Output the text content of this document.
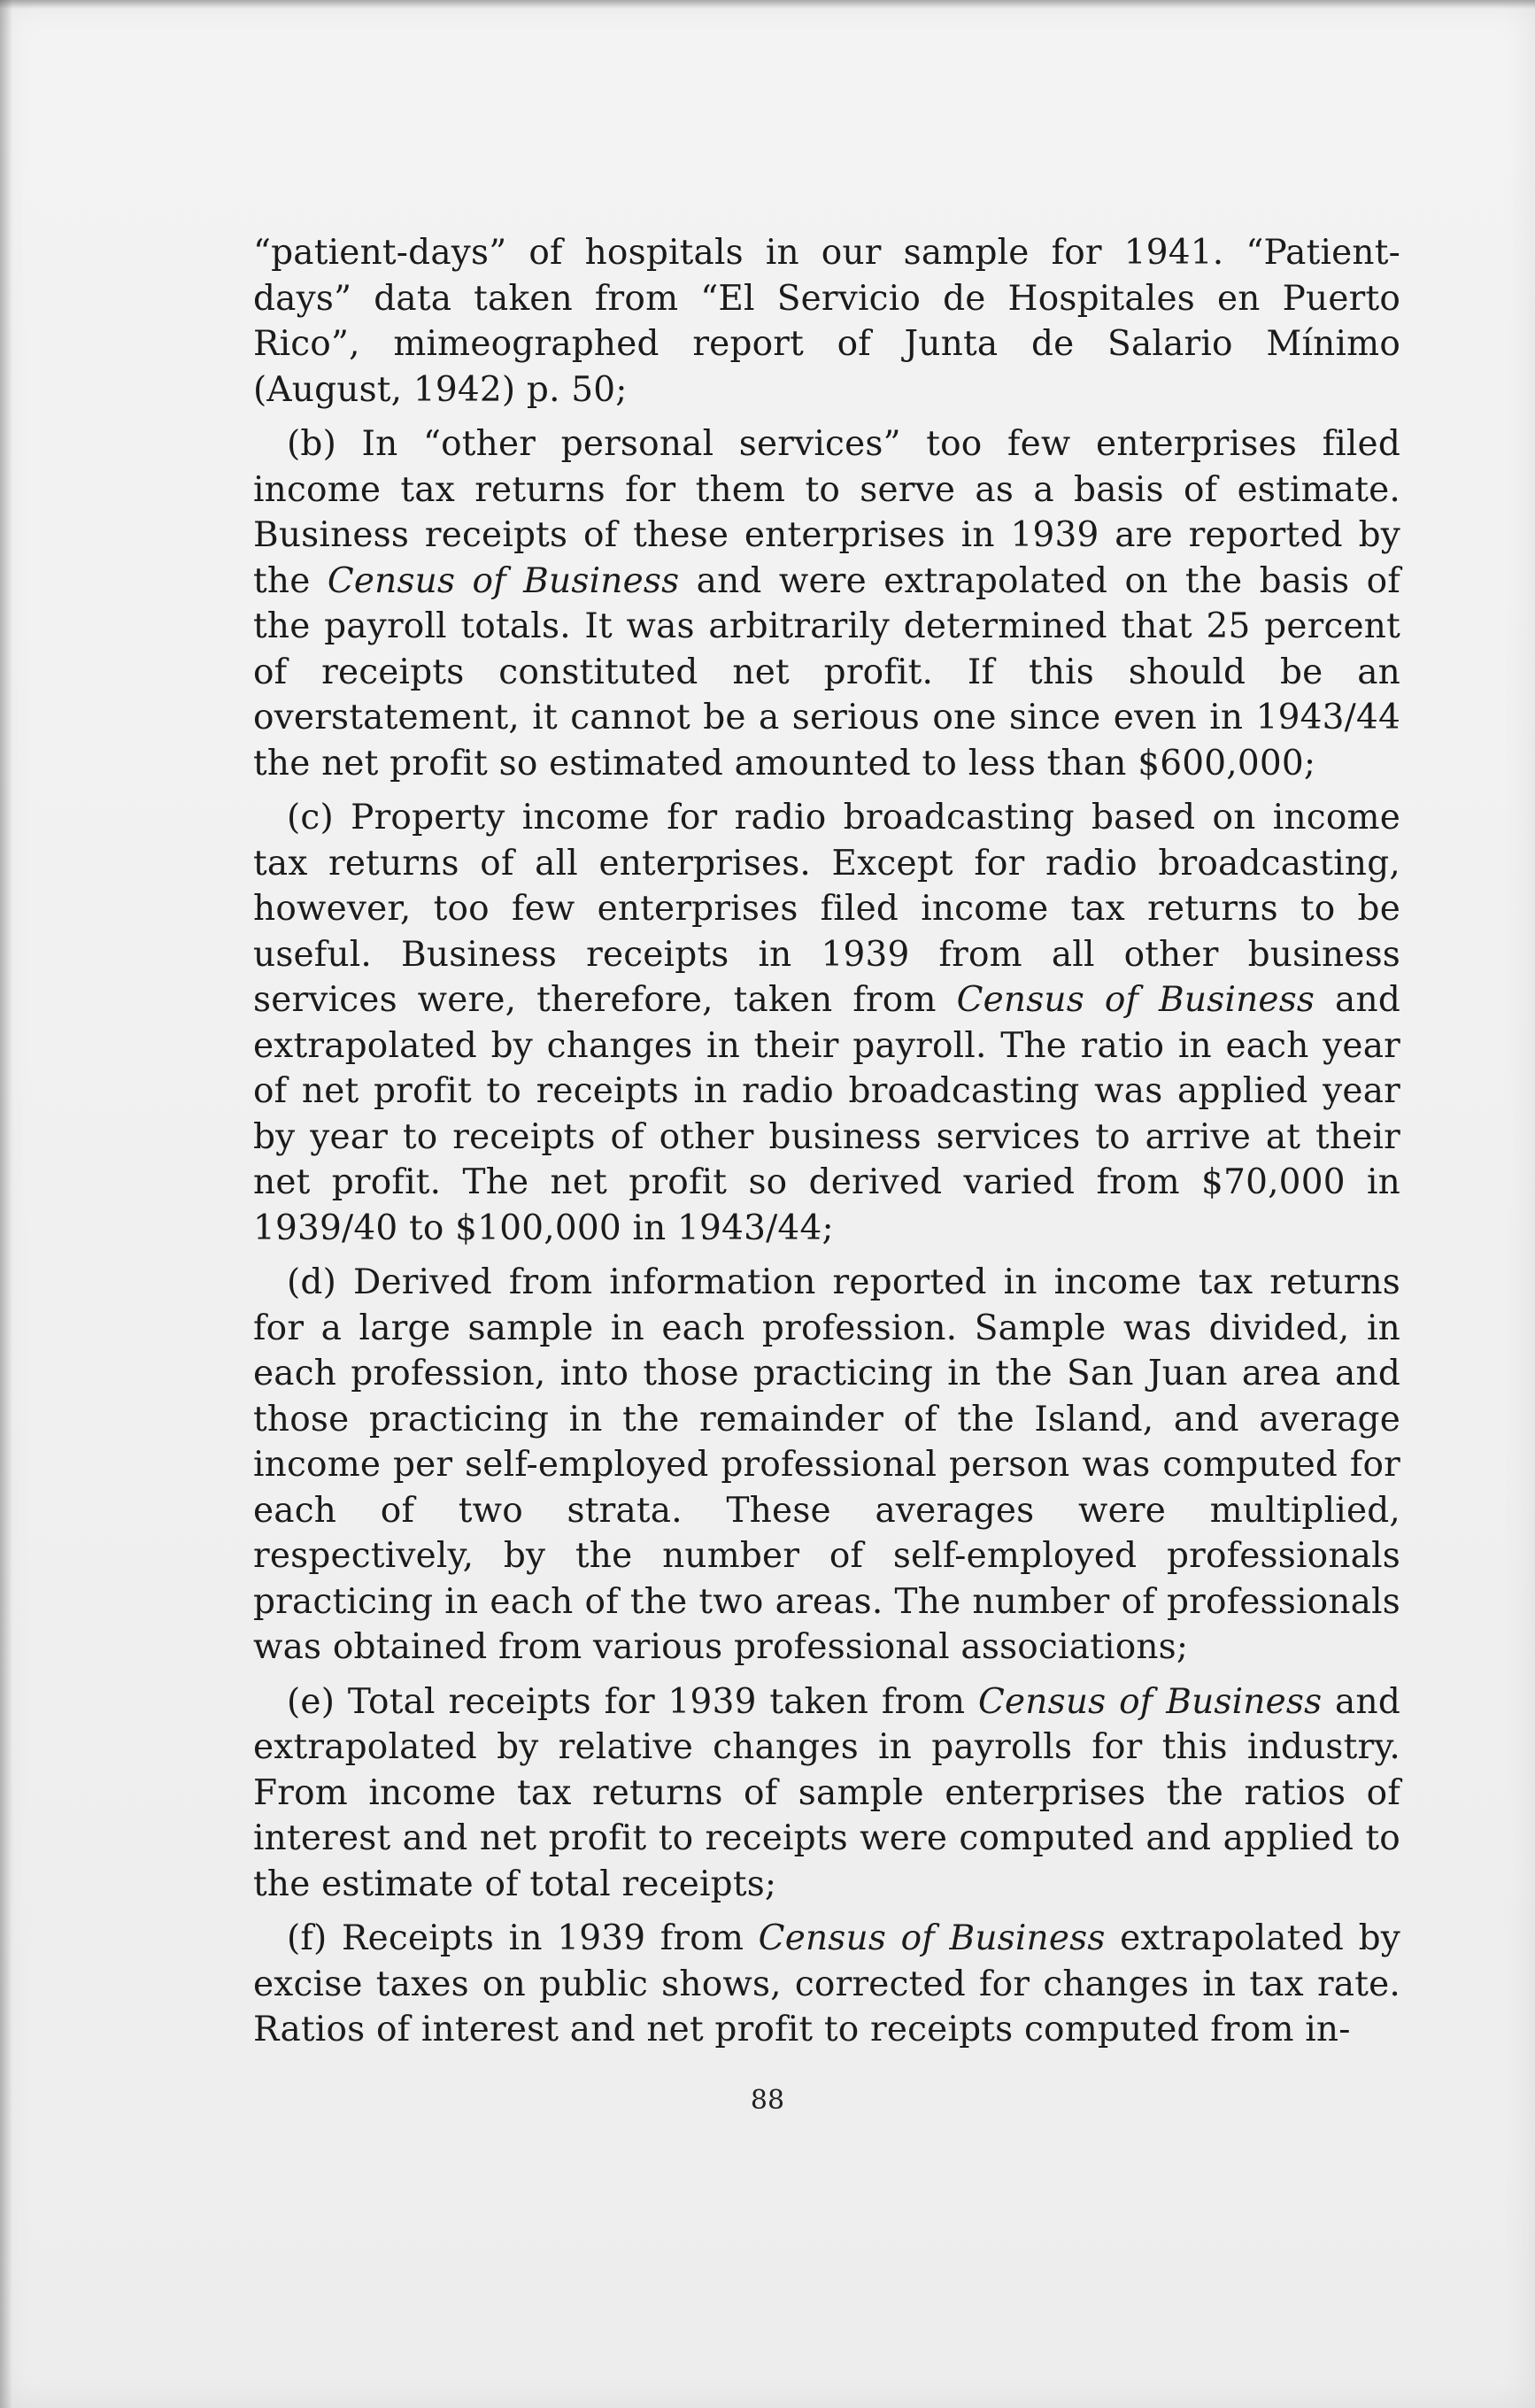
“patient-days” of hospitals in our sample for 1941. “Patient-days” data taken from “El Servicio de Hospitales en Puerto Rico”, mimeographed report of Junta de Salario Mínimo (August, 1942) p. 50;

(b) In “other personal services” too few enterprises filed income tax returns for them to serve as a basis of estimate. Business receipts of these enterprises in 1939 are reported by the Census of Business and were extrapolated on the basis of the payroll totals. It was arbitrarily determined that 25 percent of receipts constituted net profit. If this should be an overstatement, it cannot be a serious one since even in 1943/44 the net profit so estimated amounted to less than $600,000;

(c) Property income for radio broadcasting based on income tax returns of all enterprises. Except for radio broadcasting, however, too few enterprises filed income tax returns to be useful. Business receipts in 1939 from all other business services were, therefore, taken from Census of Business and extrapolated by changes in their payroll. The ratio in each year of net profit to receipts in radio broadcasting was applied year by year to receipts of other business services to arrive at their net profit. The net profit so derived varied from $70,000 in 1939/40 to $100,000 in 1943/44;

(d) Derived from information reported in income tax returns for a large sample in each profession. Sample was divided, in each profession, into those practicing in the San Juan area and those practicing in the remainder of the Island, and average income per self-employed professional person was computed for each of two strata. These averages were multiplied, respectively, by the number of self-employed professionals practicing in each of the two areas. The number of professionals was obtained from various professional associations;

(e) Total receipts for 1939 taken from Census of Business and extrapolated by relative changes in payrolls for this industry. From income tax returns of sample enterprises the ratios of interest and net profit to receipts were computed and applied to the estimate of total receipts;

(f) Receipts in 1939 from Census of Business extrapolated by excise taxes on public shows, corrected for changes in tax rate. Ratios of interest and net profit to receipts computed from in-

88
